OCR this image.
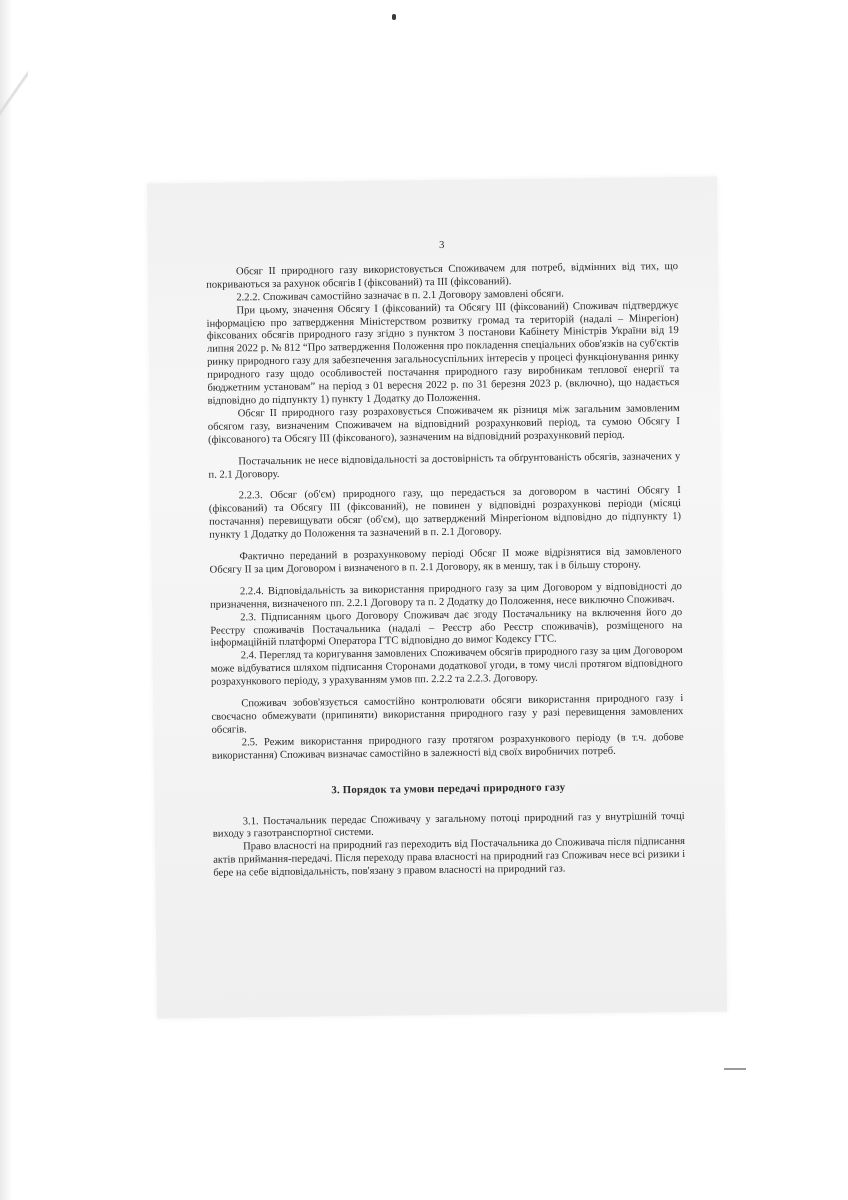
3

Обсяг II природного газу використовується Споживачем для потреб, відмінних від тих, що покриваються за рахунок обсягів I (фіксований) та III (фіксований).

2.2.2. Споживач самостійно зазначає в п. 2.1 Договору замовлені обсяги.

При цьому, значення Обсягу I (фіксований) та Обсягу III (фіксований) Споживач підтверджує інформацією про затвердження Міністерством розвитку громад та територій (надалі – Мінрегіон) фіксованих обсягів природного газу згідно з пунктом 3 постанови Кабінету Міністрів України від 19 липня 2022 р. № 812 “Про затвердження Положення про покладення спеціальних обов'язків на суб'єктів ринку природного газу для забезпечення загальносуспільних інтересів у процесі функціонування ринку природного газу щодо особливостей постачання природного газу виробникам теплової енергії та бюджетним установам” на період з 01 вересня 2022 р. по 31 березня 2023 р. (включно), що надається відповідно до підпункту 1) пункту 1 Додатку до Положення.

Обсяг II природного газу розраховується Споживачем як різниця між загальним замовленим обсягом газу, визначеним Споживачем на відповідний розрахунковий період, та сумою Обсягу I (фіксованого) та Обсягу III (фіксованого), зазначеним на відповідний розрахунковий період.

Постачальник не несе відповідальності за достовірність та обґрунтованість обсягів, зазначених у п. 2.1 Договору.

2.2.3. Обсяг (об'єм) природного газу, що передається за договором в частині Обсягу I (фіксований) та Обсягу III (фіксований), не повинен у відповідні розрахункові періоди (місяці постачання) перевищувати обсяг (об'єм), що затверджений Мінрегіоном відповідно до підпункту 1) пункту 1 Додатку до Положення та зазначений в п. 2.1 Договору.

Фактично переданий в розрахунковому періоді Обсяг II може відрізнятися від замовленого Обсягу II за цим Договором і визначеного в п. 2.1 Договору, як в меншу, так і в більшу сторону.

2.2.4. Відповідальність за використання природного газу за цим Договором у відповідності до призначення, визначеного пп. 2.2.1 Договору та п. 2 Додатку до Положення, несе виключно Споживач.

2.3. Підписанням цього Договору Споживач дає згоду Постачальнику на включення його до Реєстру споживачів Постачальника (надалі – Реєстр або Реєстр споживачів), розміщеного на інформаційній платформі Оператора ГТС відповідно до вимог Кодексу ГТС.

2.4. Перегляд та коригування замовлених Споживачем обсягів природного газу за цим Договором може відбуватися шляхом підписання Сторонами додаткової угоди, в тому числі протягом відповідного розрахункового періоду, з урахуванням умов пп. 2.2.2 та 2.2.3. Договору.

Споживач зобов'язується самостійно контролювати обсяги використання природного газу і своєчасно обмежувати (припиняти) використання природного газу у разі перевищення замовлених обсягів.

2.5. Режим використання природного газу протягом розрахункового періоду (в т.ч. добове використання) Споживач визначає самостійно в залежності від своїх виробничих потреб.

3. Порядок та умови передачі природного газу

3.1. Постачальник передає Споживачу у загальному потоці природний газ у внутрішній точці виходу з газотранспортної системи.

Право власності на природний газ переходить від Постачальника до Споживача після підписання актів приймання-передачі. Після переходу права власності на природний газ Споживач несе всі ризики і бере на себе відповідальність, пов'язану з правом власності на природний газ.
